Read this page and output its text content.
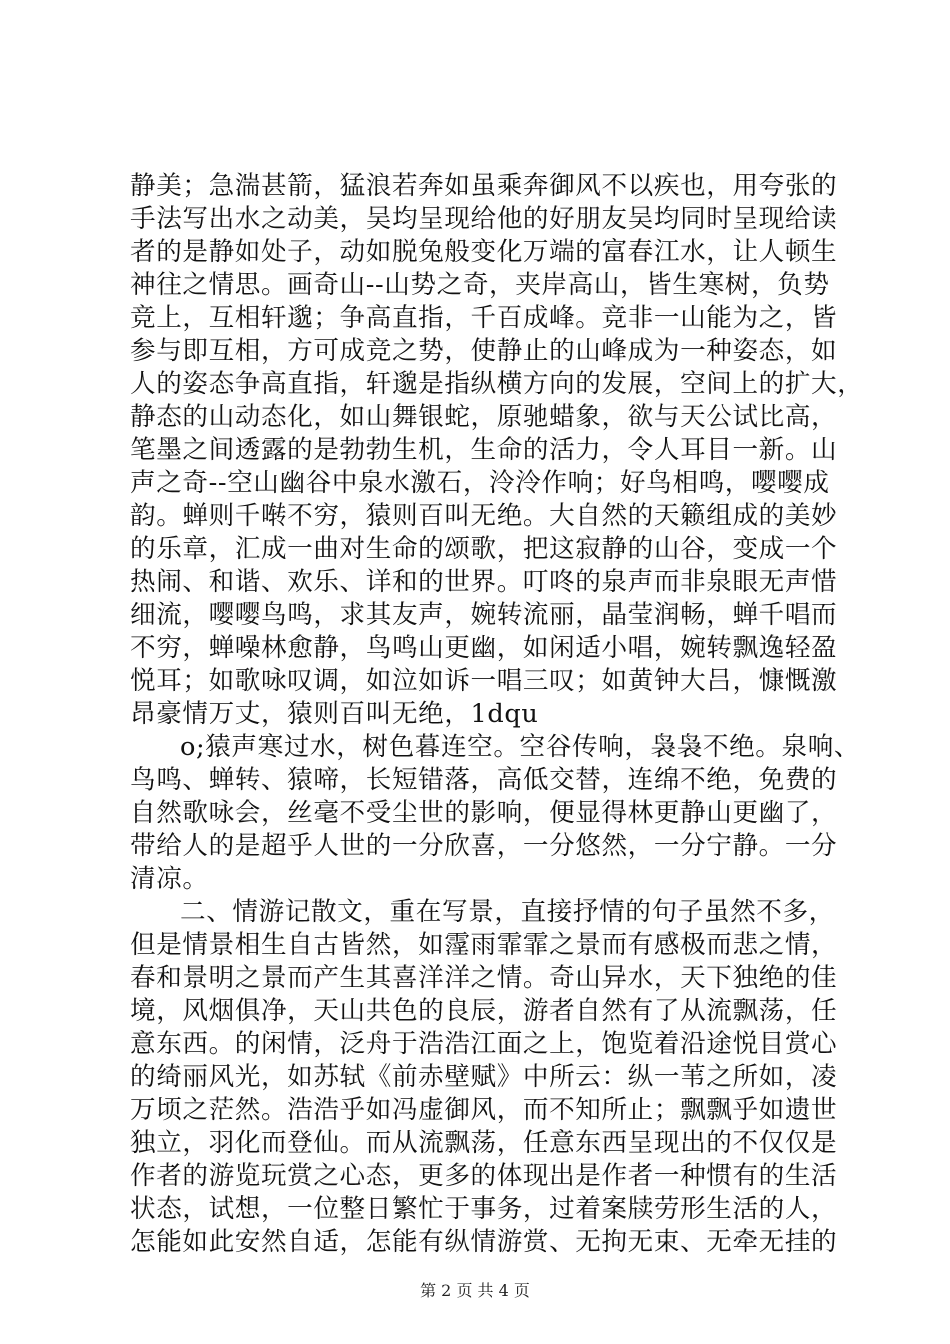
静美；急湍甚箭，猛浪若奔如虽乘奔御风不以疾也，用夸张的
手法写出水之动美，吴均呈现给他的好朋友吴均同时呈现给读
者的是静如处子，动如脱兔般变化万端的富春江水，让人顿生
神往之情思。画奇山--山势之奇，夹岸高山，皆生寒树，负势
竞上，互相轩邈；争高直指，千百成峰。竞非一山能为之，皆
参与即互相，方可成竞之势，使静止的山峰成为一种姿态，如
人的姿态争高直指，轩邈是指纵横方向的发展，空间上的扩大，
静态的山动态化，如山舞银蛇，原驰蜡象，欲与天公试比高，
笔墨之间透露的是勃勃生机，生命的活力，令人耳目一新。山
声之奇--空山幽谷中泉水激石，泠泠作响；好鸟相鸣，嘤嘤成
韵。蝉则千啭不穷，猿则百叫无绝。大自然的天籁组成的美妙
的乐章，汇成一曲对生命的颂歌，把这寂静的山谷，变成一个
热闹、和谐、欢乐、详和的世界。叮咚的泉声而非泉眼无声惜
细流，嘤嘤鸟鸣，求其友声，婉转流丽，晶莹润畅，蝉千唱而
不穷，蝉噪林愈静，鸟鸣山更幽，如闲适小唱，婉转飘逸轻盈
悦耳；如歌咏叹调，如泣如诉一唱三叹；如黄钟大吕，慷慨激
昂豪情万丈，猿则百叫无绝，1dqu
o;猿声寒过水，树色暮连空。空谷传响，袅袅不绝。泉响、
鸟鸣、蝉转、猿啼，长短错落，高低交替，连绵不绝，免费的
自然歌咏会，丝毫不受尘世的影响，便显得林更静山更幽了，
带给人的是超乎人世的一分欣喜，一分悠然，一分宁静。一分
清凉。
二、情游记散文，重在写景，直接抒情的句子虽然不多，
但是情景相生自古皆然，如霪雨霏霏之景而有感极而悲之情，
春和景明之景而产生其喜洋洋之情。奇山异水，天下独绝的佳
境，风烟俱净，天山共色的良辰，游者自然有了从流飘荡，任
意东西。的闲情，泛舟于浩浩江面之上，饱览着沿途悦目赏心
的绮丽风光，如苏轼《前赤壁赋》中所云：纵一苇之所如，凌
万顷之茫然。浩浩乎如冯虚御风，而不知所止；飘飘乎如遗世
独立，羽化而登仙。而从流飘荡，任意东西呈现出的不仅仅是
作者的游览玩赏之心态，更多的体现出是作者一种惯有的生活
状态，试想，一位整日繁忙于事务，过着案牍劳形生活的人，
怎能如此安然自适，怎能有纵情游赏、无拘无束、无牵无挂的
第 2 页 共 4 页
